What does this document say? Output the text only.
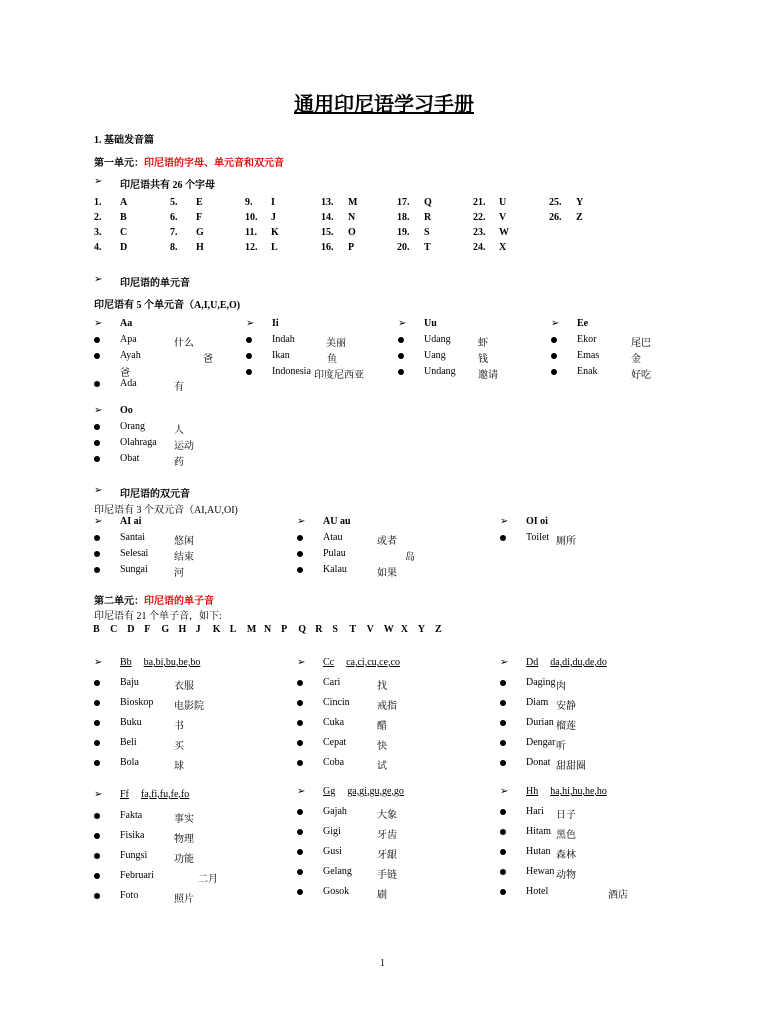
通用印尼语学习手册
1. 基础发音篇
第一单元：印尼语的字母、单元音和双元音
➢ 印尼语共有 26 个字母
1. A
2. B
3. C
4. D
5. E
6. F
7. G
8. H
9. I
10. J
11. K
12. L
13. M
14. N
15. O
16. P
17. Q
18. R
19. S
20. T
21. U
22. V
23. W
24. X
25. Y
26. Z
➢ 印尼语的单元音
印尼语有 5 个单元音（A,I,U,E,O)
➢ Aa
Apa	什么
Ayah	爸
Ada	有
爸
➢ Ii
Indah	美丽
Ikan	鱼
Indonesia 印度尼西亚
➢ Uu
Udang	虾
Uang	钱
Undang 邀请
➢ Ee
Ekor	尾巴
Emas	金
Enak	好吃
➢ Oo
Orang	人
Olahraga 运动
Obat	药
➢ 印尼语的双元音
印尼语有 3 个双元音（AI,AU,OI)
➢ AI ai
Santai	悠闲
Selesai	结束
Sungai	河
➢ AU au
Atau	或者
Pulau	岛
Kalau	如果
➢ OI oi
Toilet 厕所
第二单元：印尼语的单子音
印尼语有 21 个单子音，如下:
B C D F G H J K L M N P Q R S T V W X Y Z
➢ Bb ba,bi,bu,be,bo
Baju	衣服
Bioskop 电影院
Buku	书
Beli	买
Bola	球
➢ Cc ca,ci,cu,ce,co
Cari	找
Cincin	戒指
Cuka	醋
Cepat	快
Coba	试
➢ Dd da,di,du,de,do
Daging 肉
Diam 安静
Durian 榴莲
Dengar 听
Donat 甜甜圈
➢ Ff fa,fi,fu,fe,fo
Fakta	事实
Fisika	物理
Fungsi	功能
Februari	二月
Foto	照片
➢ Gg ga,gi,gu,ge,go
Gajah	大象
Gigi	牙齿
Gusi	牙龈
Gelang	手链
Gosok	刷
➢ Hh ha,hi,hu,he,ho
Hari 日子
Hitam 黑色
Hutan 森林
Hewan 动物
Hotel	酒店
1
